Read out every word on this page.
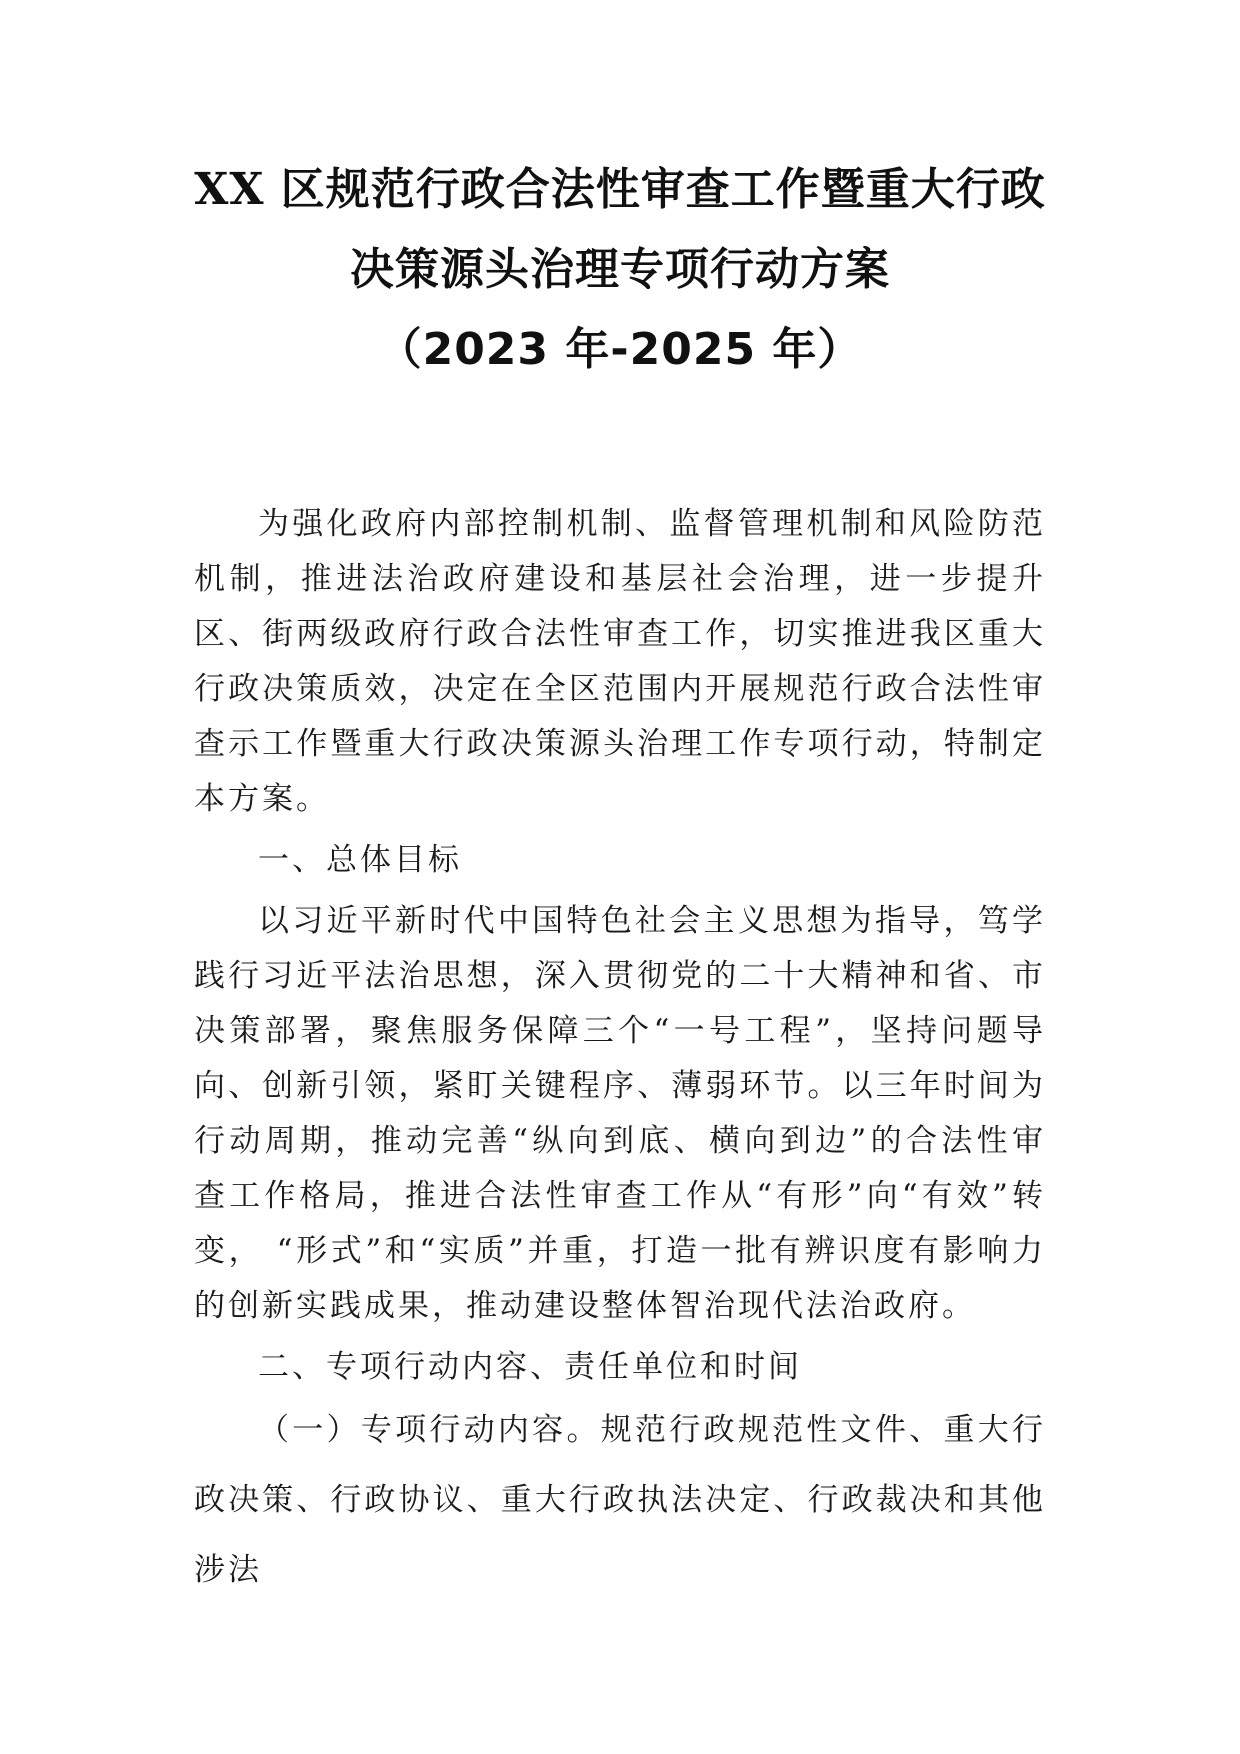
XX 区规范行政合法性审查工作暨重大行政
决策源头治理专项行动方案
（2023 年-2025 年）

为强化政府内部控制机制、监督管理机制和风险防范机制，推进法治政府建设和基层社会治理，进一步提升区、街两级政府行政合法性审查工作，切实推进我区重大行政决策质效，决定在全区范围内开展规范行政合法性审查示工作暨重大行政决策源头治理工作专项行动，特制定本方案。

一、总体目标

以习近平新时代中国特色社会主义思想为指导，笃学践行习近平法治思想，深入贯彻党的二十大精神和省、市决策部署，聚焦服务保障三个“一号工程”，坚持问题导向、创新引领，紧盯关键程序、薄弱环节。以三年时间为行动周期，推动完善“纵向到底、横向到边”的合法性审查工作格局，推进合法性审查工作从“有形”向“有效”转变， “形式”和“实质”并重，打造一批有辨识度有影响力的创新实践成果，推动建设整体智治现代法治政府。

二、专项行动内容、责任单位和时间

（一）专项行动内容。规范行政规范性文件、重大行政决策、行政协议、重大行政执法决定、行政裁决和其他涉法
